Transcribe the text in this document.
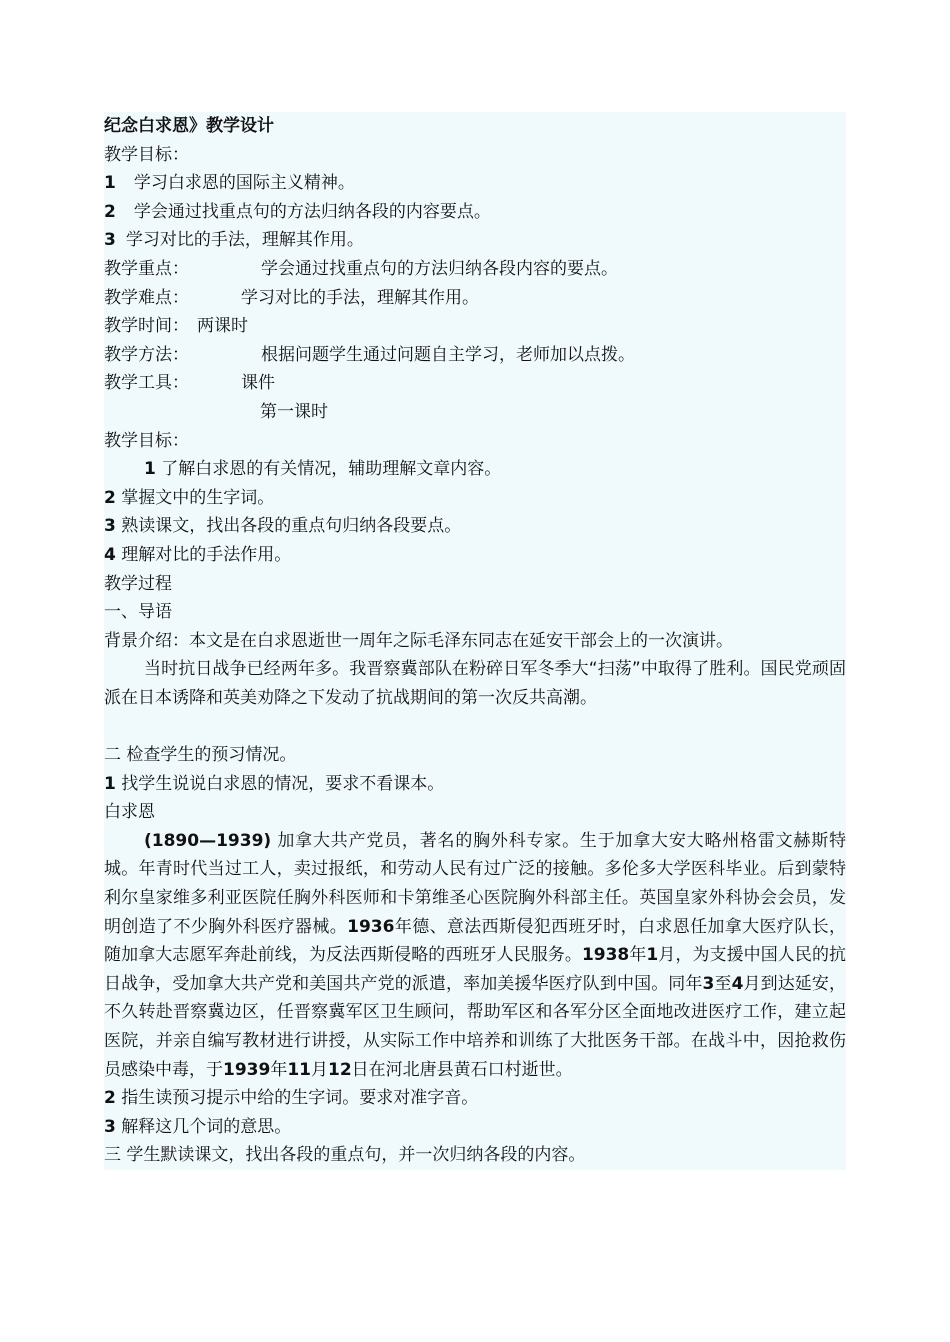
纪念白求恩》教学设计
教学目标：
1 学习白求恩的国际主义精神。
2 学会通过找重点句的方法归纳各段的内容要点。
3 学习对比的手法，理解其作用。
教学重点：	学会通过找重点句的方法归纳各段内容的要点。
教学难点：	学习对比的手法，理解其作用。
教学时间： 两课时
教学方法：	根据问题学生通过问题自主学习，老师加以点拨。
教学工具：	课件
第一课时
教学目标：
1 了解白求恩的有关情况，辅助理解文章内容。
2 掌握文中的生字词。
3 熟读课文，找出各段的重点句归纳各段要点。
4 理解对比的手法作用。
教学过程
一、导语
背景介绍：本文是在白求恩逝世一周年之际毛泽东同志在延安干部会上的一次演讲。
当时抗日战争已经两年多。我晋察冀部队在粉碎日军冬季大“扫荡”中取得了胜利。国民党顽固派在日本诱降和英美劝降之下发动了抗战期间的第一次反共高潮。
二 检查学生的预习情况。
1 找学生说说白求恩的情况，要求不看课本。
白求恩
(1890—1939) 加拿大共产党员，著名的胸外科专家。生于加拿大安大略州格雷文赫斯特城。年青时代当过工人，卖过报纸，和劳动人民有过广泛的接触。多伦多大学医科毕业。后到蒙特利尔皇家维多利亚医院任胸外科医师和卡第维圣心医院胸外科部主任。英国皇家外科协会会员，发明创造了不少胸外科医疗器械。1936年德、意法西斯侵犯西班牙时，白求恩任加拿大医疗队长，随加拿大志愿军奔赴前线，为反法西斯侵略的西班牙人民服务。1938年1月，为支援中国人民的抗日战争，受加拿大共产党和美国共产党的派遣，率加美援华医疗队到中国。同年3至4月到达延安，不久转赴晋察冀边区，任晋察冀军区卫生顾问，帮助军区和各军分区全面地改进医疗工作，建立起医院，并亲自编写教材进行讲授，从实际工作中培养和训练了大批医务干部。在战斗中，因抢救伤员感染中毒，于1939年11月12日在河北唐县黄石口村逝世。
2 指生读预习提示中给的生字词。要求对准字音。
3 解释这几个词的意思。
三 学生默读课文，找出各段的重点句，并一次归纳各段的内容。
